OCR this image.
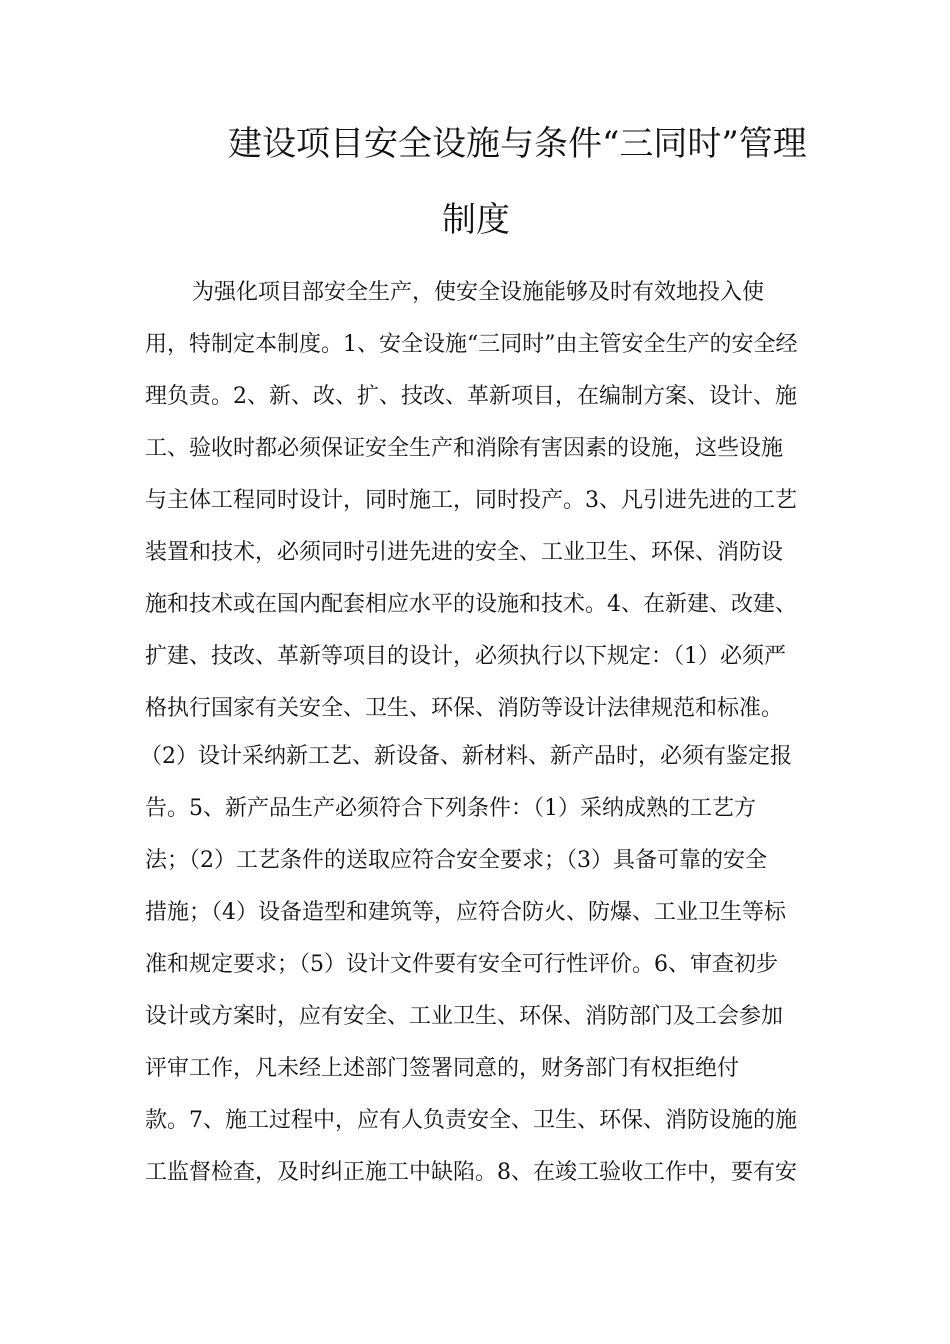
建设项目安全设施与条件“三同时”管理
制度
为强化项目部安全生产，使安全设施能够及时有效地投入使
用，特制定本制度。1、安全设施“三同时”由主管安全生产的安全经
理负责。2、新、改、扩、技改、革新项目，在编制方案、设计、施
工、验收时都必须保证安全生产和消除有害因素的设施，这些设施
与主体工程同时设计，同时施工，同时投产。3、凡引进先进的工艺
装置和技术，必须同时引进先进的安全、工业卫生、环保、消防设
施和技术或在国内配套相应水平的设施和技术。4、在新建、改建、
扩建、技改、革新等项目的设计，必须执行以下规定：（1）必须严
格执行国家有关安全、卫生、环保、消防等设计法律规范和标准。
（2）设计采纳新工艺、新设备、新材料、新产品时，必须有鉴定报
告。5、新产品生产必须符合下列条件：（1）采纳成熟的工艺方
法；（2）工艺条件的送取应符合安全要求；（3）具备可靠的安全
措施；（4）设备造型和建筑等，应符合防火、防爆、工业卫生等标
准和规定要求；（5）设计文件要有安全可行性评价。6、审查初步
设计或方案时，应有安全、工业卫生、环保、消防部门及工会参加
评审工作，凡未经上述部门签署同意的，财务部门有权拒绝付
款。7、施工过程中，应有人负责安全、卫生、环保、消防设施的施
工监督检查，及时纠正施工中缺陷。8、在竣工验收工作中，要有安
